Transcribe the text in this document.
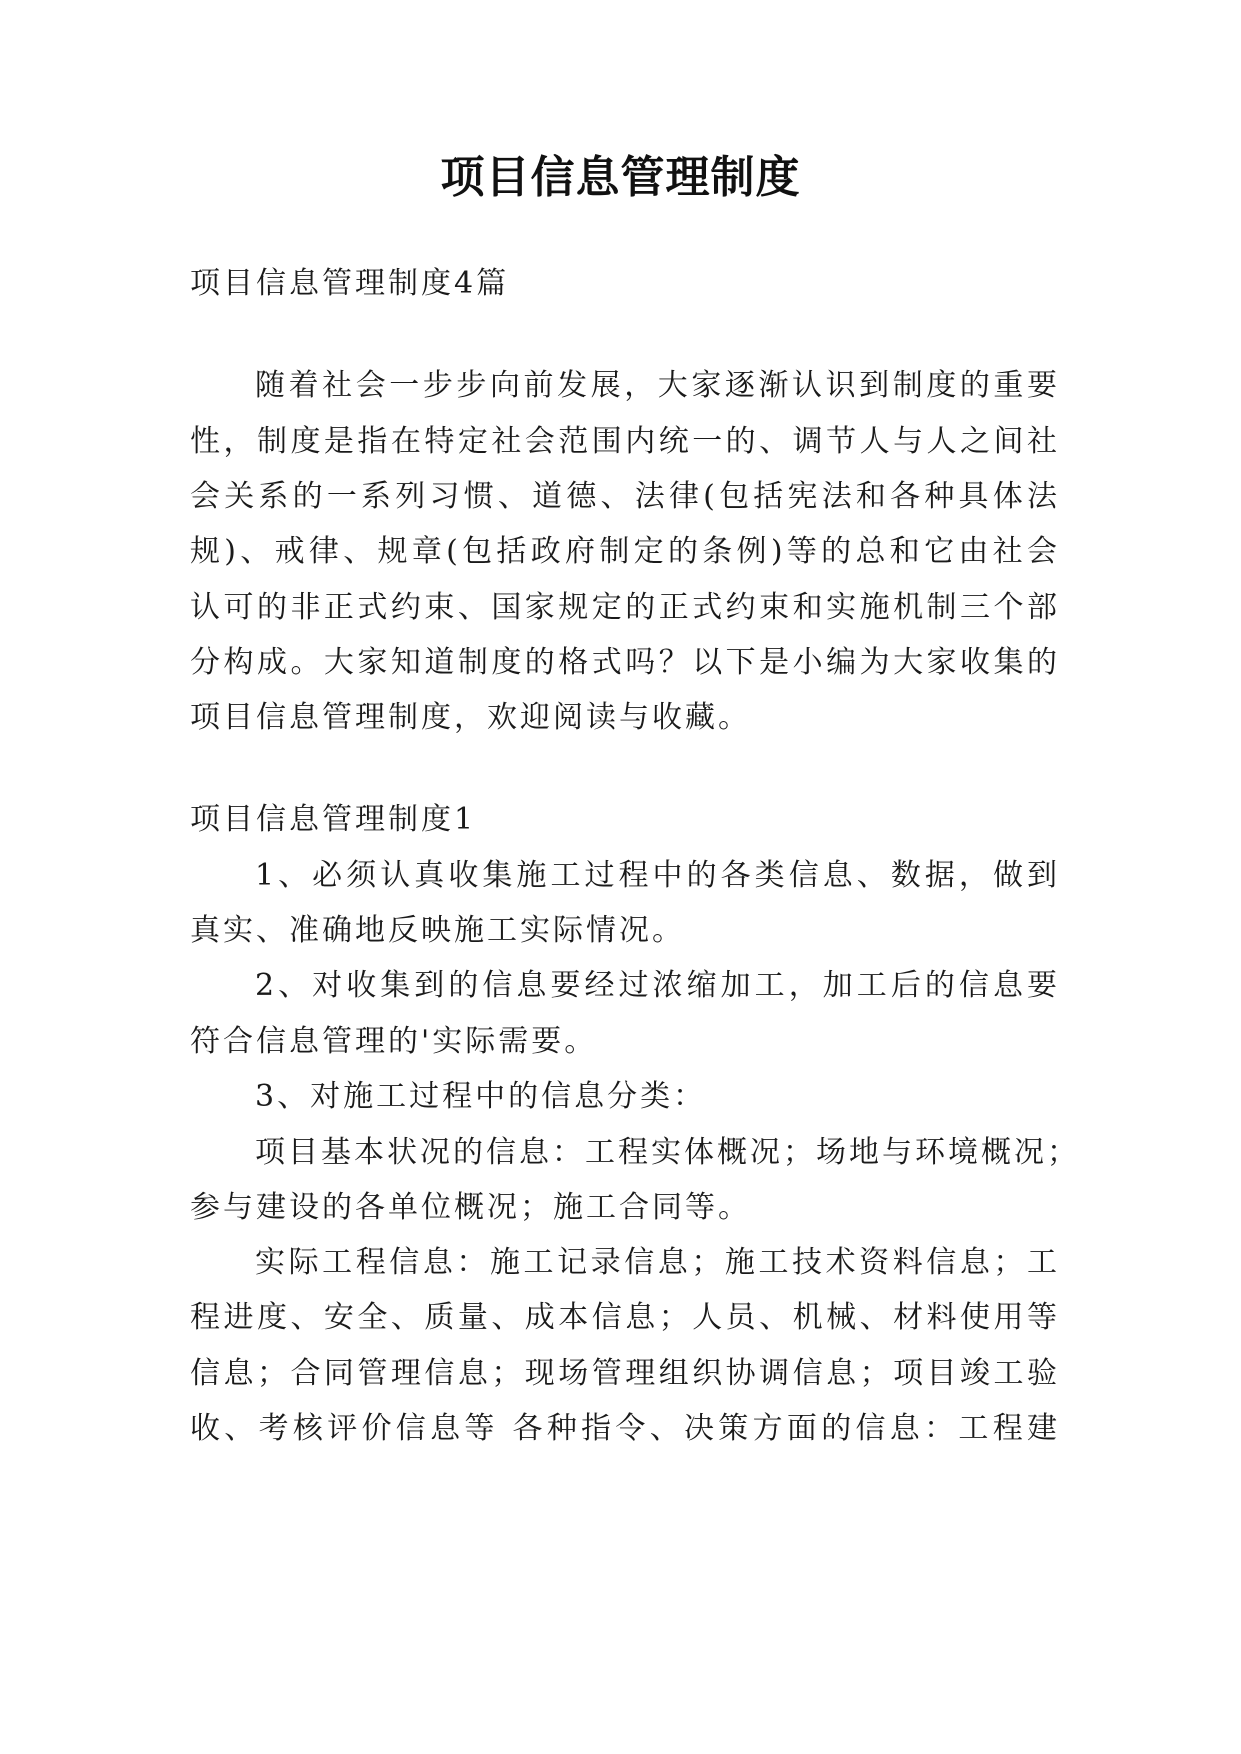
项目信息管理制度
项目信息管理制度4篇
随着社会一步步向前发展，大家逐渐认识到制度的重要
性，制度是指在特定社会范围内统一的、调节人与人之间社
会关系的一系列习惯、道德、法律(包括宪法和各种具体法
规)、戒律、规章(包括政府制定的条例)等的总和它由社会
认可的非正式约束、国家规定的正式约束和实施机制三个部
分构成。大家知道制度的格式吗？以下是小编为大家收集的
项目信息管理制度，欢迎阅读与收藏。
项目信息管理制度1
1、必须认真收集施工过程中的各类信息、数据，做到
真实、准确地反映施工实际情况。
2、对收集到的信息要经过浓缩加工，加工后的信息要
符合信息管理的'实际需要。
3、对施工过程中的信息分类：
项目基本状况的信息：工程实体概况；场地与环境概况；
参与建设的各单位概况；施工合同等。
实际工程信息：施工记录信息；施工技术资料信息；工
程进度、安全、质量、成本信息；人员、机械、材料使用等
信息；合同管理信息；现场管理组织协调信息；项目竣工验
收、考核评价信息等 各种指令、决策方面的信息：工程建
